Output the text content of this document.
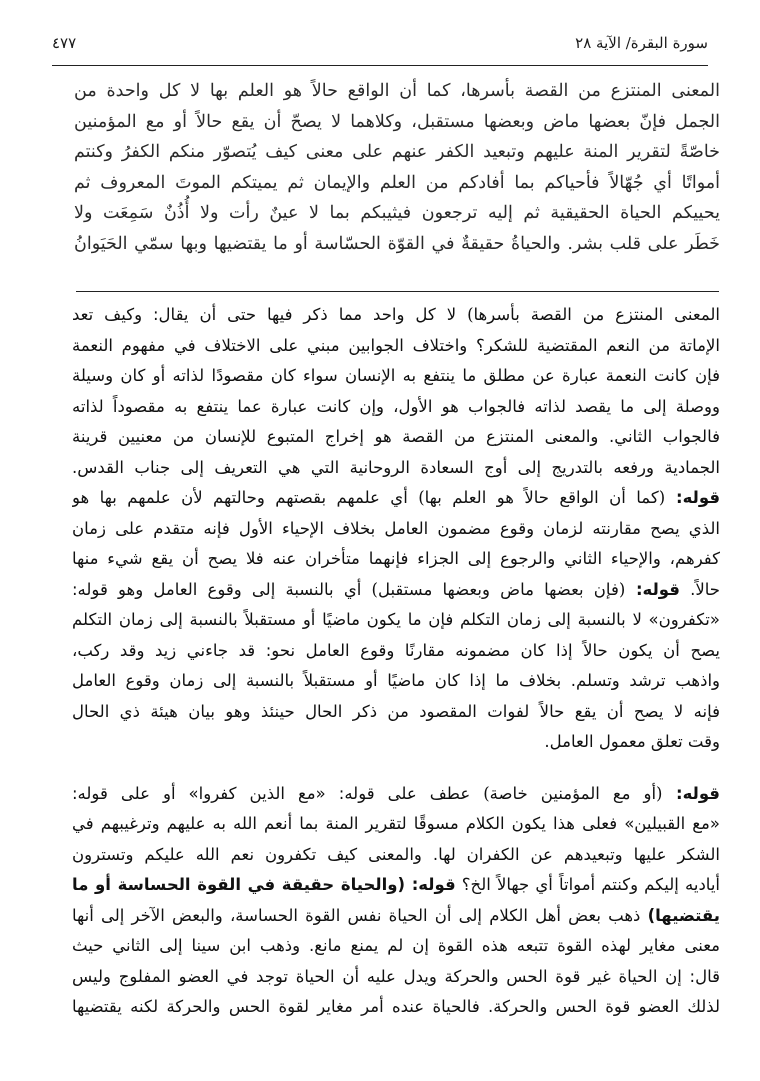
سورة البقرة/ الآية ٢٨
٤٧٧
المعنى المنتزع من القصة بأسرها، كما أن الواقع حالاً هو العلم بها لا كل واحدة من
الجمل فإنّ بعضها ماض وبعضها مستقبل، وكلاهما لا يصحّ أن يقع حالاً أو مع المؤمنين
خاصّةً لتقرير المنة عليهم وتبعيد الكفر عنهم على معنى كيف يُتصوّر منكم الكفرُ وكنتم
أمواتًا أي جُهّالاً فأحياكم بما أفادكم من العلم والإيمان ثم يميتكم الموتَ المعروف ثم
يحييكم الحياة الحقيقية ثم إليه ترجعون فيثيبكم بما لا عينٌ رأت ولا أُذُنٌ سَمِعَت ولا
خَطَر على قلب بشر. والحياةُ حقيقةٌ في القوّة الحسّاسة أو ما يقتضيها وبها سمّي الحَيَوانُ
المعنى المنتزع من القصة بأسرها) لا كل واحد مما ذكر فيها حتى أن يقال: وكيف تعد
الإماتة من النعم المقتضية للشكر؟ واختلاف الجوابين مبني على الاختلاف في مفهوم النعمة
فإن كانت النعمة عبارة عن مطلق ما ينتفع به الإنسان سواء كان مقصودًا لذاته أو كان وسيلة
ووصلة إلى ما يقصد لذاته فالجواب هو الأول، وإن كانت عبارة عما ينتفع به مقصوداً لذاته
فالجواب الثاني. والمعنى المنتزع من القصة هو إخراج المتبوع للإنسان من معنيين قرينة
الجمادية ورفعه بالتدريج إلى أوج السعادة الروحانية التي هي التعريف إلى جناب القدس.
قوله: (كما أن الواقع حالاً هو العلم بها) أي علمهم بقصتهم وحالتهم لأن علمهم بها هو
الذي يصح مقارنته لزمان وقوع مضمون العامل بخلاف الإحياء الأول فإنه متقدم على زمان
كفرهم، والإحياء الثاني والرجوع إلى الجزاء فإنهما متأخران عنه فلا يصح أن يقع شيء منها
حالاً. قوله: (فإن بعضها ماض وبعضها مستقبل) أي بالنسبة إلى وقوع العامل وهو قوله:
«تكفرون» لا بالنسبة إلى زمان التكلم فإن ما يكون ماضيًا أو مستقبلاً بالنسبة إلى زمان التكلم
يصح أن يكون حالاً إذا كان مضمونه مقارنًا وقوع العامل نحو: قد جاءني زيد وقد ركب،
واذهب ترشد وتسلم. بخلاف ما إذا كان ماضيًا أو مستقبلاً بالنسبة إلى زمان وقوع العامل
فإنه لا يصح أن يقع حالاً لفوات المقصود من ذكر الحال حينئذ وهو بيان هيئة ذي الحال
وقت تعلق معمول العامل.
قوله: (أو مع المؤمنين خاصة) عطف على قوله: «مع الذين كفروا» أو على قوله:
«مع القبيلين» فعلى هذا يكون الكلام مسوقًا لتقرير المنة بما أنعم الله به عليهم وترغيبهم في
الشكر عليها وتبعيدهم عن الكفران لها. والمعنى كيف تكفرون نعم الله عليكم وتسترون
أياديه إليكم وكنتم أمواتاً أي جهالاً الخ؟ قوله: (والحياة حقيقة في القوة الحساسة أو ما
يقتضيها) ذهب بعض أهل الكلام إلى أن الحياة نفس القوة الحساسة، والبعض الآخر إلى أنها
معنى مغاير لهذه القوة تتبعه هذه القوة إن لم يمنع مانع. وذهب ابن سينا إلى الثاني حيث
قال: إن الحياة غير قوة الحس والحركة ويدل عليه أن الحياة توجد في العضو المفلوج وليس
لذلك العضو قوة الحس والحركة. فالحياة عنده أمر مغاير لقوة الحس والحركة لكنه يقتضيها
